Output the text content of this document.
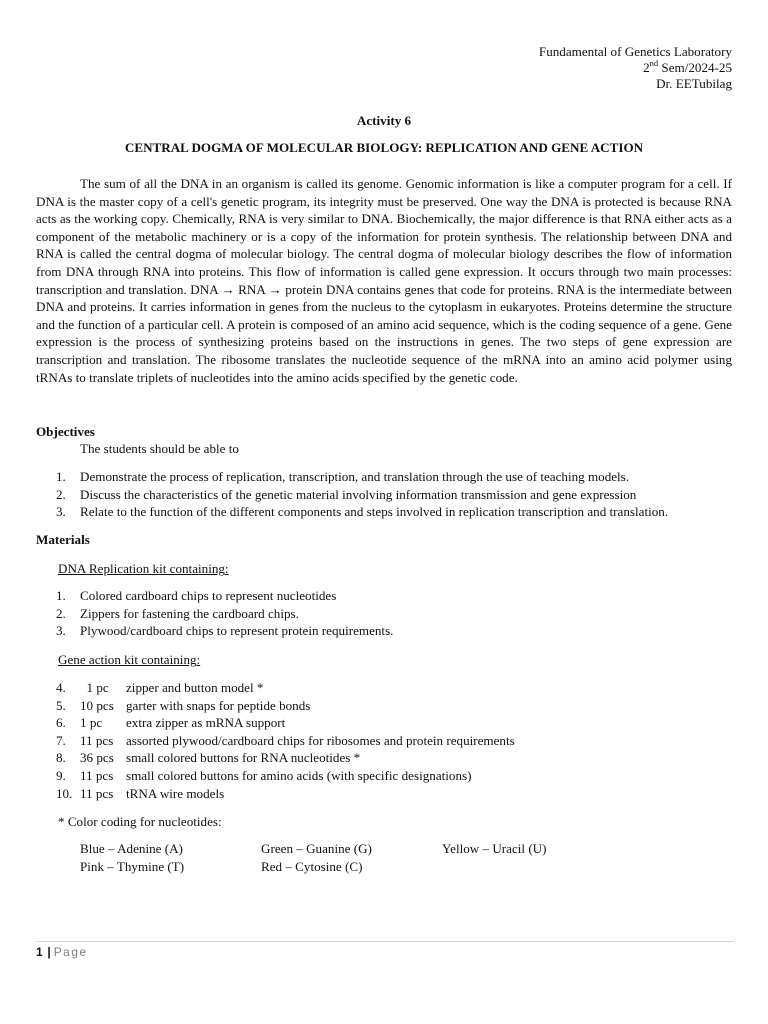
Fundamental of Genetics Laboratory
2nd Sem/2024-25
Dr. EETubilag
Activity 6
CENTRAL DOGMA OF MOLECULAR BIOLOGY: REPLICATION AND GENE ACTION

The sum of all the DNA in an organism is called its genome. Genomic information is like a computer program for a cell. If DNA is the master copy of a cell's genetic program, its integrity must be preserved. One way the DNA is protected is because RNA acts as the working copy. Chemically, RNA is very similar to DNA. Biochemically, the major difference is that RNA either acts as a component of the metabolic machinery or is a copy of the information for protein synthesis. The relationship between DNA and RNA is called the central dogma of molecular biology. The central dogma of molecular biology describes the flow of information from DNA through RNA into proteins. This flow of information is called gene expression. It occurs through two main processes: transcription and translation. DNA → RNA → protein DNA contains genes that code for proteins. RNA is the intermediate between DNA and proteins. It carries information in genes from the nucleus to the cytoplasm in eukaryotes. Proteins determine the structure and the function of a particular cell. A protein is composed of an amino acid sequence, which is the coding sequence of a gene. Gene expression is the process of synthesizing proteins based on the instructions in genes. The two steps of gene expression are transcription and translation. The ribosome translates the nucleotide sequence of the mRNA into an amino acid polymer using tRNAs to translate triplets of nucleotides into the amino acids specified by the genetic code.

Objectives
The students should be able to
1.	Demonstrate the process of replication, transcription, and translation through the use of teaching models.
2.	Discuss the characteristics of the genetic material involving information transmission and gene expression
3.	Relate to the function of the different components and steps involved in replication transcription and translation.
Materials
DNA Replication kit containing:
1.	Colored cardboard chips to represent nucleotides
2.	Zippers for fastening the cardboard chips.
3.	Plywood/cardboard chips to represent protein requirements.
Gene action kit containing:
4.	1 pc	zipper and button model *
5.	10 pcs garter with snaps for peptide bonds
6.	1 pc	extra zipper as mRNA support
7.	11 pcs assorted plywood/cardboard chips for ribosomes and protein requirements
8.	36 pcs small colored buttons for RNA nucleotides *
9.	11 pcs small colored buttons for amino acids (with specific designations)
10. 11 pcs tRNA wire models
* Color coding for nucleotides:
Blue – Adenine (A)	Green – Guanine (G)	Yellow – Uracil (U)
Pink – Thymine (T)	Red – Cytosine (C)
1 | Page
